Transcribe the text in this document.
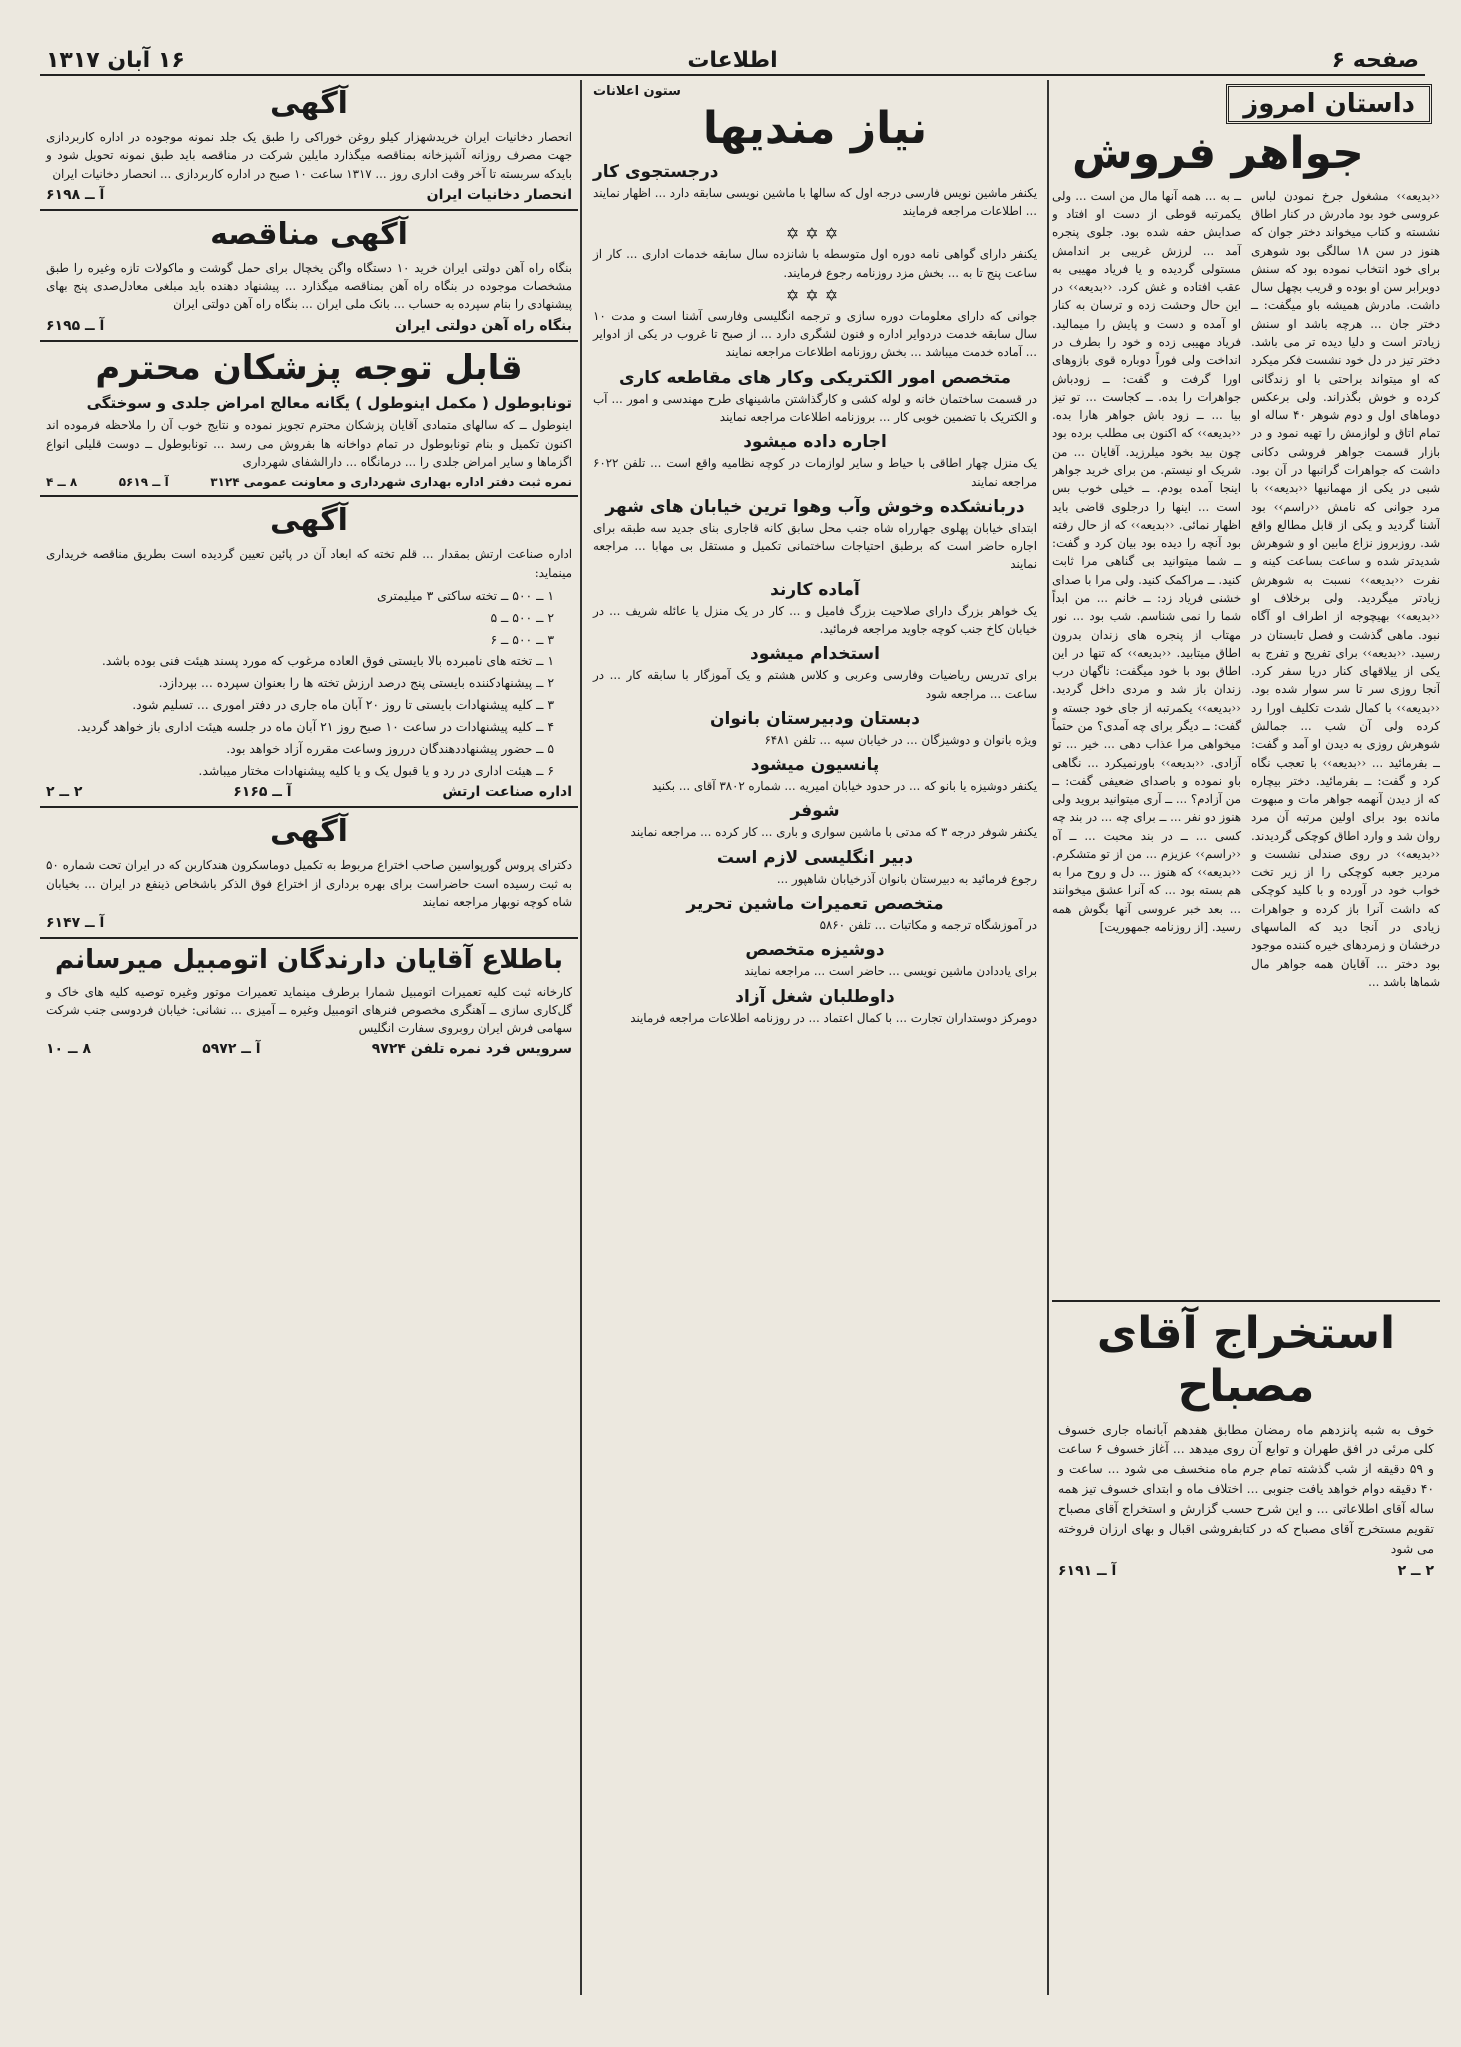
صفحه ۶
اطلاعات
۱۶ آبان ۱۳۱۷
داستان امروز
جواهر فروش

‹‹بدیعه›› مشغول جرخ نمودن لباس عروسی خود بود مادرش در کنار اطاق نشسته و کتاب میخواند دختر جوان که هنوز در سن ۱۸ سالگی بود شوهری برای خود انتخاب نموده بود که سنش دوبرابر سن او بوده و قریب بچهل سال داشت. مادرش همیشه باو میگفت: ــ دختر جان ... هرچه باشد او سنش زیادتر است و دلیا دیده تر می باشد. دختر تیز در دل خود نشست فکر میکرد که او میتواند براحتی با او زندگانی کرده و خوش بگذراند. ولی برعکس دوماهای اول و دوم شوهر ۴۰ ساله او تمام اتاق و لوازمش را تهیه نمود و در بازار قسمت جواهر فروشی دکانی داشت که جواهرات گرانبها در آن بود. شبی در یکی از مهمانیها ‹‹بدیعه›› با مرد جوانی که نامش ‹‹راسم›› بود آشنا گردید و یکی از قابل مطالع واقع شد. روزبروز نزاع مابین او و شوهرش شدیدتر شده و ساعت بساعت کینه و نفرت ‹‹بدیعه›› نسبت به شوهرش زیادتر میگردید. ولی برخلاف او ‹‹بدیعه›› بهیچوجه از اطراف او آگاه نبود. ماهی گذشت و فصل تابستان در رسید. ‹‹بدیعه›› برای تفریح و تفرج به یکی از ییلاقهای کنار دریا سفر کرد. آنجا روزی سر تا سر سوار شده بود. ‹‹بدیعه›› با کمال شدت تکلیف اورا رد کرده ولی آن شب ... جمالش شوهرش روزی به دیدن او آمد و گفت: ــ بفرمائید ... ‹‹بدیعه›› با تعجب نگاه کرد و گفت: ــ بفرمائید. دختر بیچاره که از دیدن آنهمه جواهر مات و مبهوت مانده بود برای اولین مرتبه آن مرد روان شد و وارد اطاق کوچکی گردیدند. ‹‹بدیعه›› در روی صندلی نشست و مردیر جعبه کوچکی را از زیر تخت خواب خود در آورده و با کلید کوچکی که داشت آنرا باز کرده و جواهرات زیادی در آنجا دید که الماسهای درخشان و زمردهای خیره کننده موجود بود دختر ... آقایان همه جواهر مال شماها باشد ...

ــ به ... همه آنها مال من است ... ولی یکمرتبه قوطی از دست او افتاد و صدایش حفه شده بود. جلوی پنجره آمد ... لرزش غریبی بر اندامش مستولی گردیده و یا فریاد مهیبی به عقب افتاده و غش کرد. ‹‹بدیعه›› در این حال وحشت زده و ترسان به کنار او آمده و دست و پایش را میمالید. فریاد مهیبی زده و خود را بطرف در انداخت ولی فوراً دوباره قوی بازوهای اورا گرفت و گفت: ــ زودباش جواهرات را بده. ــ کجاست ... تو تیز بیا ... ــ زود باش جواهر هارا بده. ‹‹بدیعه›› که اکنون بی مطلب برده بود چون بید بخود میلرزید. آقایان ... من شریک او نیستم. من برای خرید جواهر اینجا آمده بودم. ــ خیلی خوب بس است ... اینها را درجلوی قاضی باید اظهار نمائی. ‹‹بدیعه›› که از حال رفته بود آنچه را دیده بود بیان کرد و گفت: ــ شما میتوانید بی گناهی مرا ثابت کنید. ــ مراکمک کنید. ولی مرا با صدای خشنی فریاد زد: ــ خانم ... من ابداً شما را نمی شناسم. شب بود ... نور مهتاب از پنجره های زندان بدرون اطاق میتابید. ‹‹بدیعه›› که تنها در این اطاق بود با خود میگفت: ناگهان درب زندان باز شد و مردی داخل گردید. ‹‹بدیعه›› یکمرتبه از جای خود جسته و گفت: ــ دیگر برای چه آمدی؟ من حتماً میخواهی مرا عذاب دهی ... خیر ... تو آزادی. ‹‹بدیعه›› باورنمیکرد ... نگاهی باو نموده و باصدای ضعیفی گفت: ــ من آزادم؟ ... ــ آری میتوانید بروید ولی هنوز دو نفر ... ــ برای چه ... در بند چه کسی ... ــ در بند محبت ... ــ آه ‹‹راسم›› عزیزم ... من از تو متشکرم. ‹‹بدیعه›› که هنوز ... دل و روح مرا به هم بسته بود ... که آنرا عشق میخوانند ... بعد خبر عروسی آنها بگوش همه رسید. [از روزنامه جمهوریت]

استخراج آقای مصباح

خوف به شبه پانزدهم ماه رمضان مطابق هفدهم آبانماه جاری خسوف کلی مرئی در افق طهران و توابع آن روی میدهد ... آغاز خسوف ۶ ساعت و ۵۹ دقیقه از شب گذشته تمام جرم ماه منخسف می شود ... ساعت و ۴۰ دقیقه دوام خواهد یافت جنوبی ... اختلاف ماه و ابتدای خسوف تیز همه ساله آقای اطلاعاتی ... و این شرح حسب گزارش و استخراج آقای مصباح تقویم مستخرج آقای مصباح که در کتابفروشی اقبال و بهای ارزان فروخته می شود

۲ ــ ۲
آ ــ ۶۱۹۱
ستون اعلانات
نیاز مندیها
درجستجوی کار

یکنفر ماشین نویس فارسی درجه اول که سالها با ماشین نویسی سابقه دارد ... اظهار نمایند ... اطلاعات مراجعه فرمایند

✡✡✡

یکنفر دارای گواهی نامه دوره اول متوسطه با شانزده سال سابقه خدمات اداری ... کار از ساعت پنج تا به ... بخش مزد روزنامه رجوع فرمایند.

✡✡✡

جوانی که دارای معلومات دوره سازی و ترجمه انگلیسی وفارسی آشنا است و مدت ۱۰ سال سابقه خدمت دردوایر اداره و فنون لشگری دارد ... از صبح تا غروب در یکی از ادوایر ... آماده خدمت میباشد ... بخش روزنامه اطلاعات مراجعه نمایند

متخصص امور الکتریکی وکار های مقاطعه کاری

در قسمت ساختمان خانه و لوله کشی و کارگذاشتن ماشینهای طرح مهندسی و امور ... آب و الکتریک با تضمین خوبی کار ... بروزنامه اطلاعات مراجعه نمایند

اجاره داده میشود

یک منزل چهار اطاقی با حیاط و سایر لوازمات در کوچه نظامیه واقع است ... تلفن ۶۰۲۲ مراجعه نمایند

دربانشکده وخوش وآب وهوا ترین خیابان های شهر

ابتدای خیابان پهلوی جهارراه شاه جنب محل سابق کانه قاجاری بنای جدید سه طبقه برای اجاره حاضر است که برطبق احتیاجات ساختمانی تکمیل و مستقل بی مهابا ... مراجعه نمایند

آماده کارند

یک خواهر بزرگ دارای صلاحیت بزرگ فامیل و ... کار در یک منزل یا عائله شریف ... در خیابان کاخ جنب کوچه جاوید مراجعه فرمائید.

استخدام میشود

برای تدریس ریاضیات وفارسی وعربی و کلاس هشتم و یک آموزگار با سابقه کار ... در ساعت ... مراجعه شود

دبستان ودبیرستان بانوان

ویژه بانوان و دوشیزگان ... در خیابان سپه ... تلفن ۶۴۸۱

پانسیون میشود

یکنفر دوشیزه یا بانو که ... در حدود خیابان امیریه ... شماره ۳۸۰۲ آقای ... بکنید

شوفر

یکنفر شوفر درجه ۳ که مدتی با ماشین سواری و باری ... کار کرده ... مراجعه نمایند

دبیر انگلیسی لازم است

رجوع فرمائید به دبیرستان بانوان آذرخیابان شاهپور ...

متخصص تعمیرات ماشین تحریر

در آموزشگاه ترجمه و مکاتبات ... تلفن ۵۸۶۰

دوشیزه متخصص

برای یاددادن ماشین نویسی ... حاضر است ... مراجعه نمایند

داوطلبان شغل آزاد

دومرکز دوستداران تجارت ... با کمال اعتماد ... در روزنامه اطلاعات مراجعه فرمایند

آگهی

انحصار دخانیات ایران خریدشهزار کیلو روغن خوراکی را طبق یک جلد نمونه موجوده در اداره کاربردازی جهت مصرف روزانه آشپزخانه بمناقصه میگذارد مایلین شرکت در مناقصه باید طبق نمونه تحویل شود و بایدکه سربسته تا آخر وقت اداری روز ... ۱۳۱۷ ساعت ۱۰ صبح در اداره کاربردازی ... انحصار دخانیات ایران

انحصار دخانیات ایران
آ ــ ۶۱۹۸
آگهی مناقصه

بنگاه راه آهن دولتی ایران خرید ۱۰ دستگاه واگن یخچال برای حمل گوشت و ماکولات تازه وغیره را طبق مشخصات موجوده در بنگاه راه آهن بمناقصه میگذارد ... پیشنهاد دهنده باید مبلغی معادل‌صدی پنج بهای پیشنهادی را بنام سپرده به حساب ... بانک ملی ایران ... بنگاه راه آهن دولتی ایران

بنگاه راه آهن دولتی ایران
آ ــ ۶۱۹۵
قابل توجه پزشکان محترم
تونابوطول ( مکمل اینوطول ) یگانه معالج امراض جلدی و سوختگی

اینوطول ــ که سالهای متمادی آقایان پزشکان محترم تجویز نموده و نتایج خوب آن را ملاحظه فرموده اند اکنون تکمیل و بنام تونابوطول در تمام دواخانه ها بفروش می رسد ... تونابوطول ــ دوست قلیلی انواع اگزماها و سایر امراض جلدی را ... درمانگاه ... دارالشفای شهرداری

نمره ثبت دفتر اداره بهداری شهرداری و معاونت عمومی ۳۱۲۴
آ ــ ۵۶۱۹
۸ ــ ۴
آگهی

اداره صناعت ارتش بمقدار ... قلم تخته که ابعاد آن در پائین تعیین گردیده است بطریق مناقصه خریداری مینماید:

۱ ــ ۵۰۰ ــ تخته ساکتی ۳ میلیمتری
۲ ــ ۵۰۰ ــ ۵
۳ ــ ۵۰۰ ــ ۶
۱ ــ تخته های نامبرده بالا بایستی فوق العاده مرغوب که مورد پسند هیئت فنی بوده باشد.
۲ ــ پیشنهادکننده بایستی پنج درصد ارزش تخته ها را بعنوان سپرده ... بپردازد.
۳ ــ کلیه پیشنهادات بایستی تا روز ۲۰ آبان ماه جاری در دفتر اموری ... تسلیم شود.
۴ ــ کلیه پیشنهادات در ساعت ۱۰ صبح روز ۲۱ آبان ماه در جلسه هیئت اداری باز خواهد گردید.
۵ ــ حضور پیشنهاددهندگان درروز وساعت مقرره آزاد خواهد بود.
۶ ــ هیئت اداری در رد و یا قبول یک و یا کلیه پیشنهادات مختار میباشد.
اداره صناعت ارتش
آ ــ ۶۱۶۵
۲ ــ ۲
آگهی

دکترای پروس گورپواسین صاحب اختراع مربوط به تکمیل دوماسکرون هندکاربن که در ایران تحت شماره ۵۰ به ثبت رسیده است حاضراست برای بهره برداری از اختراع فوق الذکر باشخاص ذینفع در ایران ... بخیابان شاه کوچه نوبهار مراجعه نمایند

آ ــ ۶۱۴۷
باطلاع آقایان دارندگان اتومبیل میرسانم

کارخانه ثبت کلیه تعمیرات اتومبیل شمارا برطرف مینماید تعمیرات موتور وغیره توصیه کلیه های خاک و گل‌کاری سازی ــ آهنگری مخصوص فنرهای اتومبیل وغیره ــ آمیزی ... نشانی: خیابان فردوسی جنب شرکت سهامی فرش ایران روبروی سفارت انگلیس

سرویس فرد نمره تلفن ۹۷۲۴
آ ــ ۵۹۷۲
۸ ــ ۱۰
